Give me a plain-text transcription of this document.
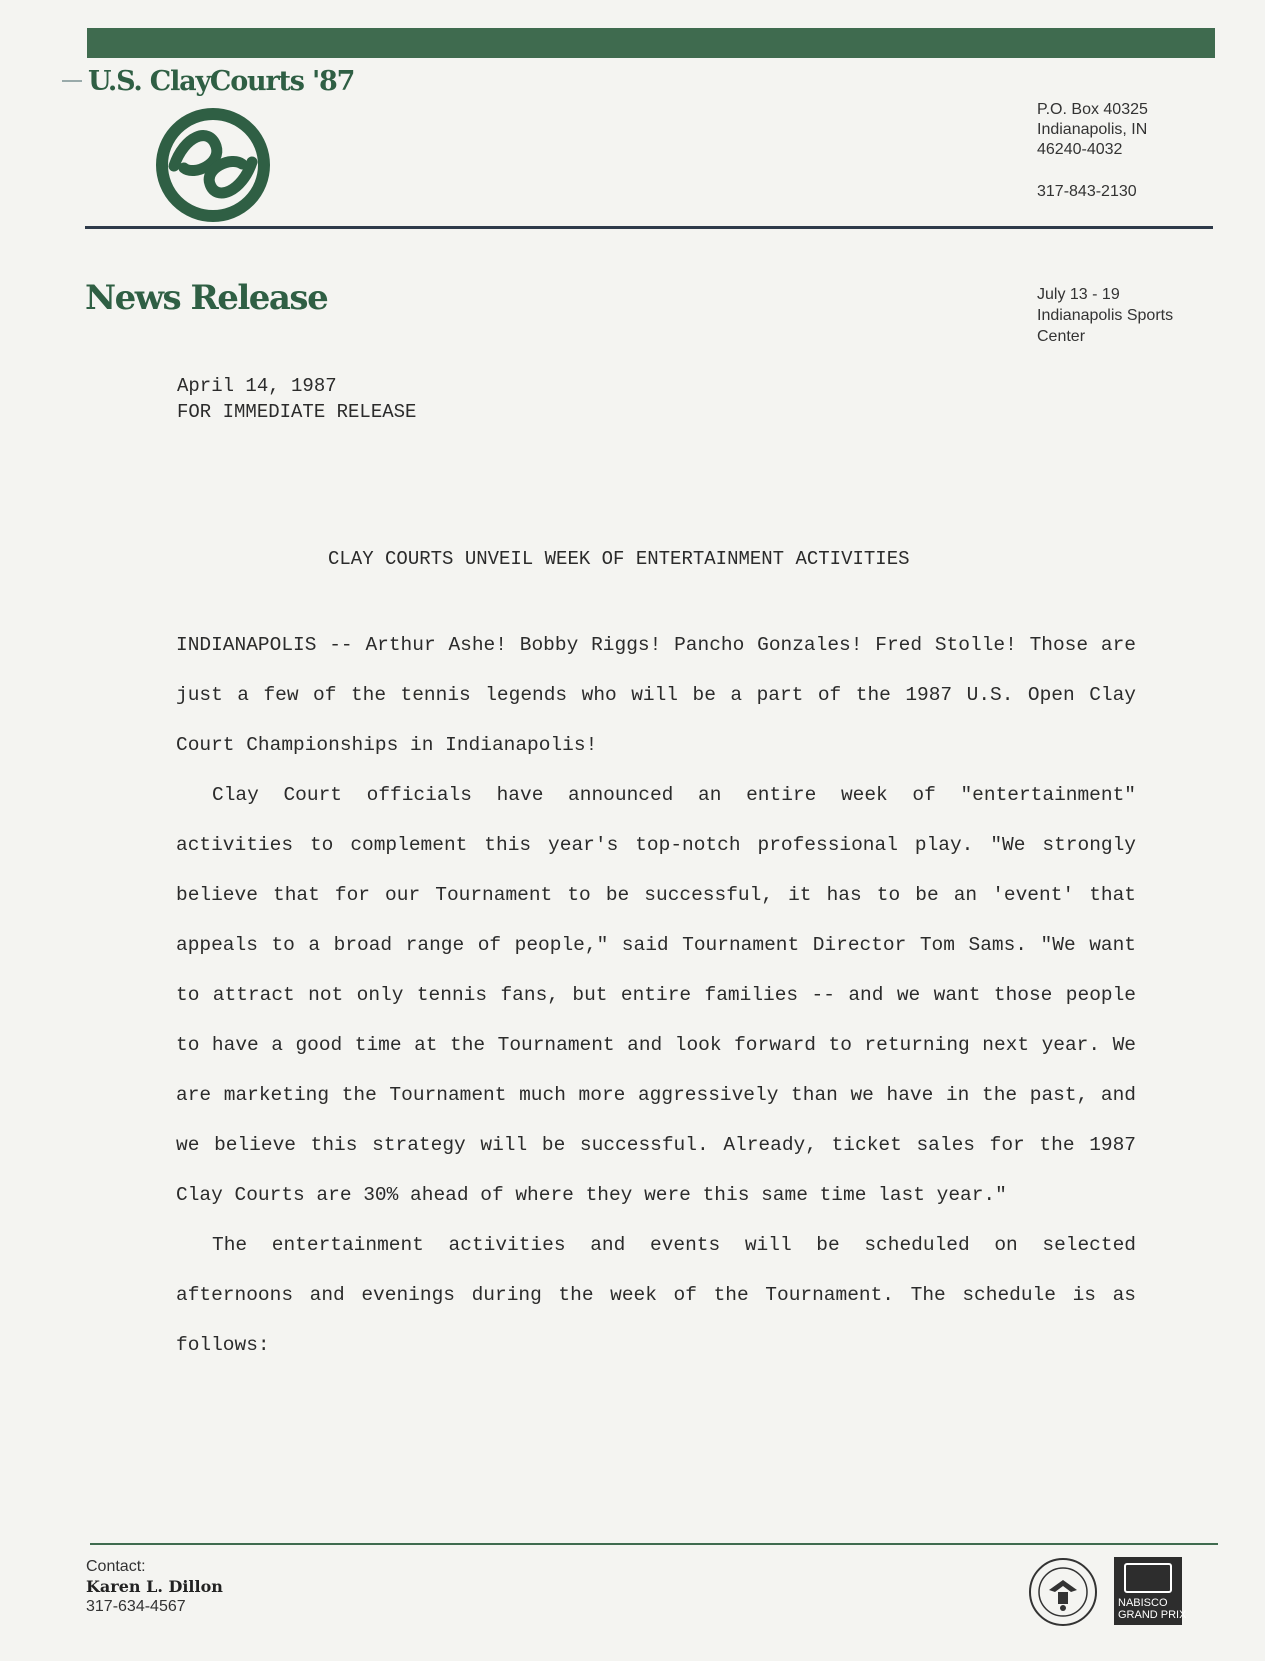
U.S. ClayCourts '87
P.O. Box 40325
Indianapolis, IN
46240-4032
317-843-2130
News Release	July 13 - 19
Indianapolis Sports
Center
April 14, 1987
FOR IMMEDIATE RELEASE
CLAY COURTS UNVEIL WEEK OF ENTERTAINMENT ACTIVITIES

INDIANAPOLIS -- Arthur Ashe! Bobby Riggs! Pancho Gonzales! Fred Stolle! Those are just a few of the tennis legends who will be a part of the 1987 U.S. Open Clay Court Championships in Indianapolis!

Clay Court officials have announced an entire week of "entertainment" activities to complement this year's top-notch professional play. "We strongly believe that for our Tournament to be successful, it has to be an 'event' that appeals to a broad range of people," said Tournament Director Tom Sams. "We want to attract not only tennis fans, but entire families -- and we want those people to have a good time at the Tournament and look forward to returning next year. We are marketing the Tournament much more aggressively than we have in the past, and we believe this strategy will be successful. Already, ticket sales for the 1987 Clay Courts are 30% ahead of where they were this same time last year."

The entertainment activities and events will be scheduled on selected afternoons and evenings during the week of the Tournament. The schedule is as follows:

Contact:
Karen L. Dillon
317-634-4567	NABISCO
GRAND PRIX
